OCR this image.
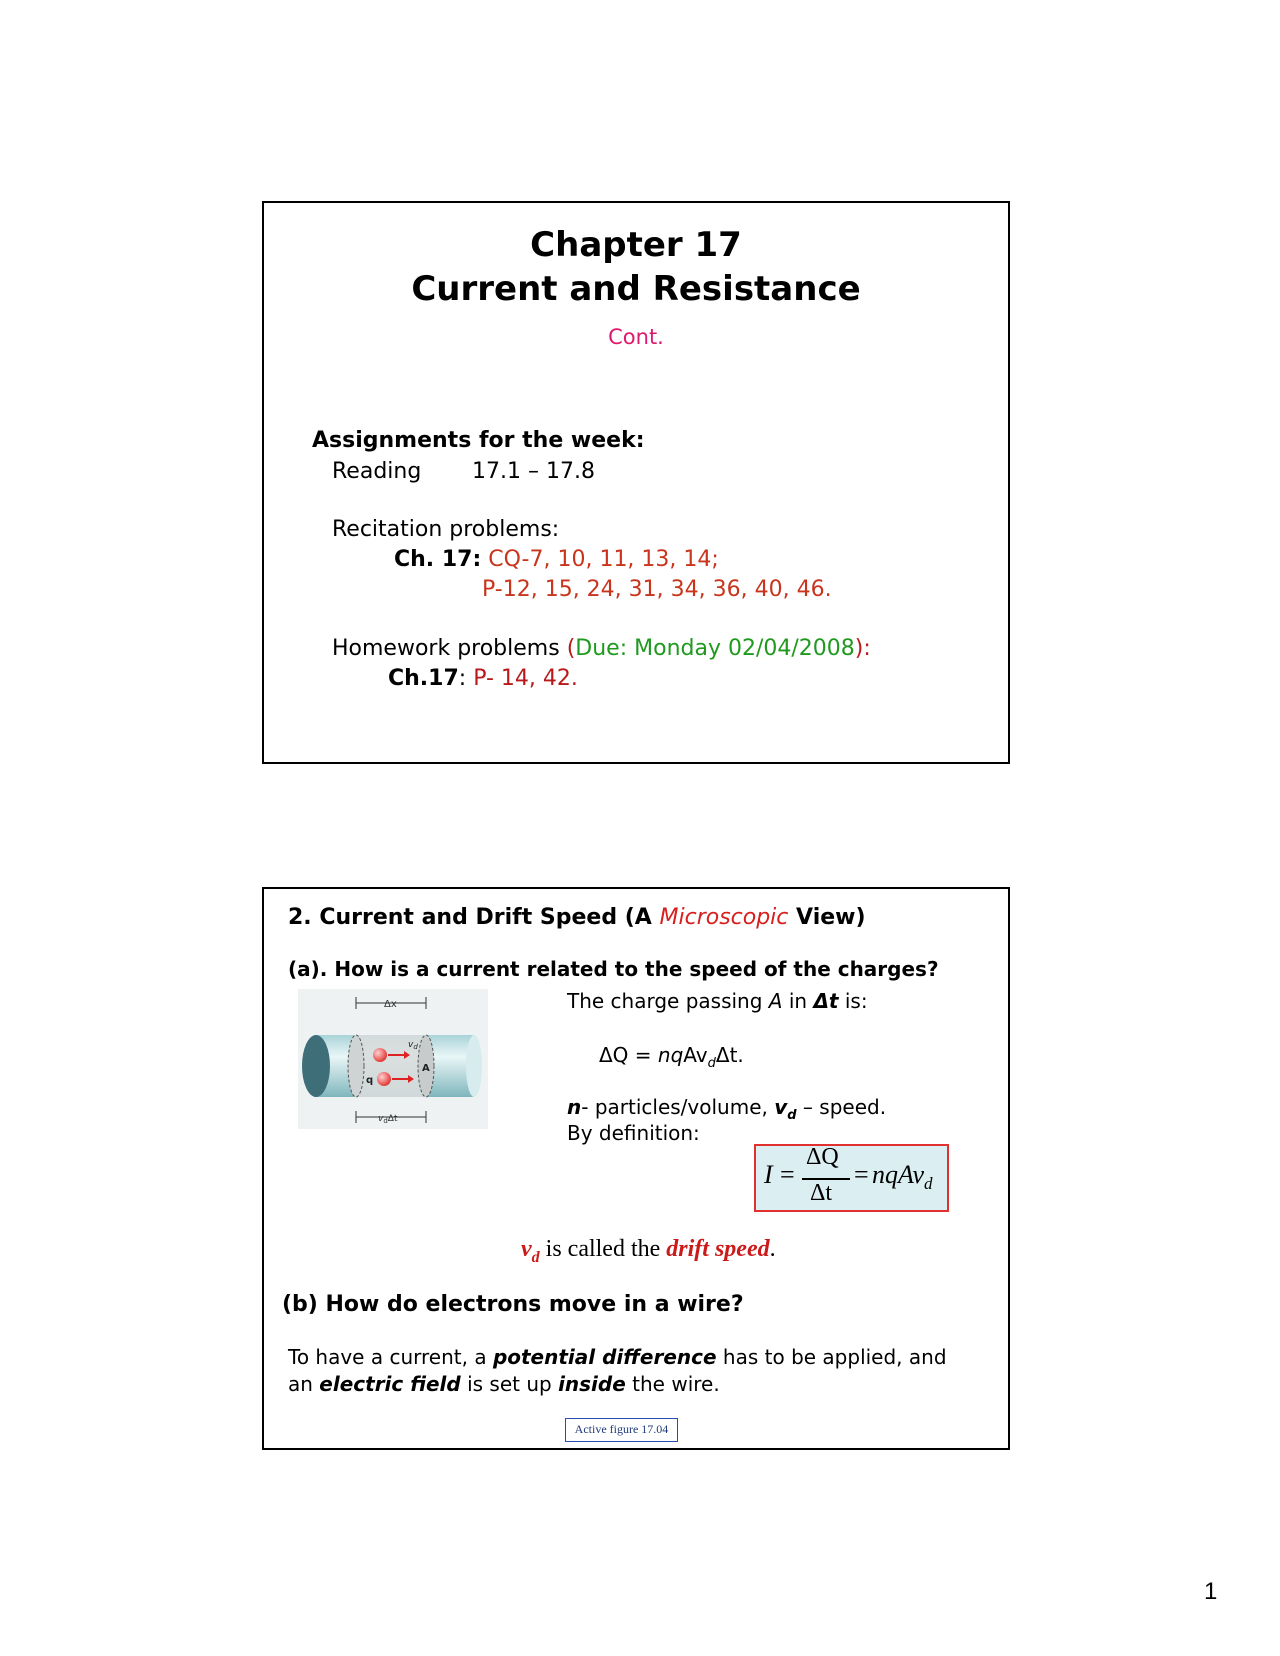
Chapter 17
Current and Resistance
Cont.
Assignments for the week:
Reading 17.1 – 17.8
Recitation problems:
Ch. 17: CQ-7, 10, 11, 13, 14;
P-12, 15, 24, 31, 34, 36, 40, 46.
Homework problems (Due: Monday 02/04/2008):
Ch.17: P- 14, 42.
2. Current and Drift Speed (A Microscopic View)
(a). How is a current related to the speed of the charges?
Δx
A
$v_d$
q
$v_d\Delta t$
The charge passing A in Δt is:
ΔQ = nqAv$_d$Δt.
n- particles/volume, $v_d$ – speed.
By definition:
I =
ΔQ
Δt
= nqAv$_d$
$v_d$ is called the drift speed.
(b) How do electrons move in a wire?
To have a current, a potential difference has to be applied, and
an electric field is set up inside the wire.
Active figure 17.04
1
